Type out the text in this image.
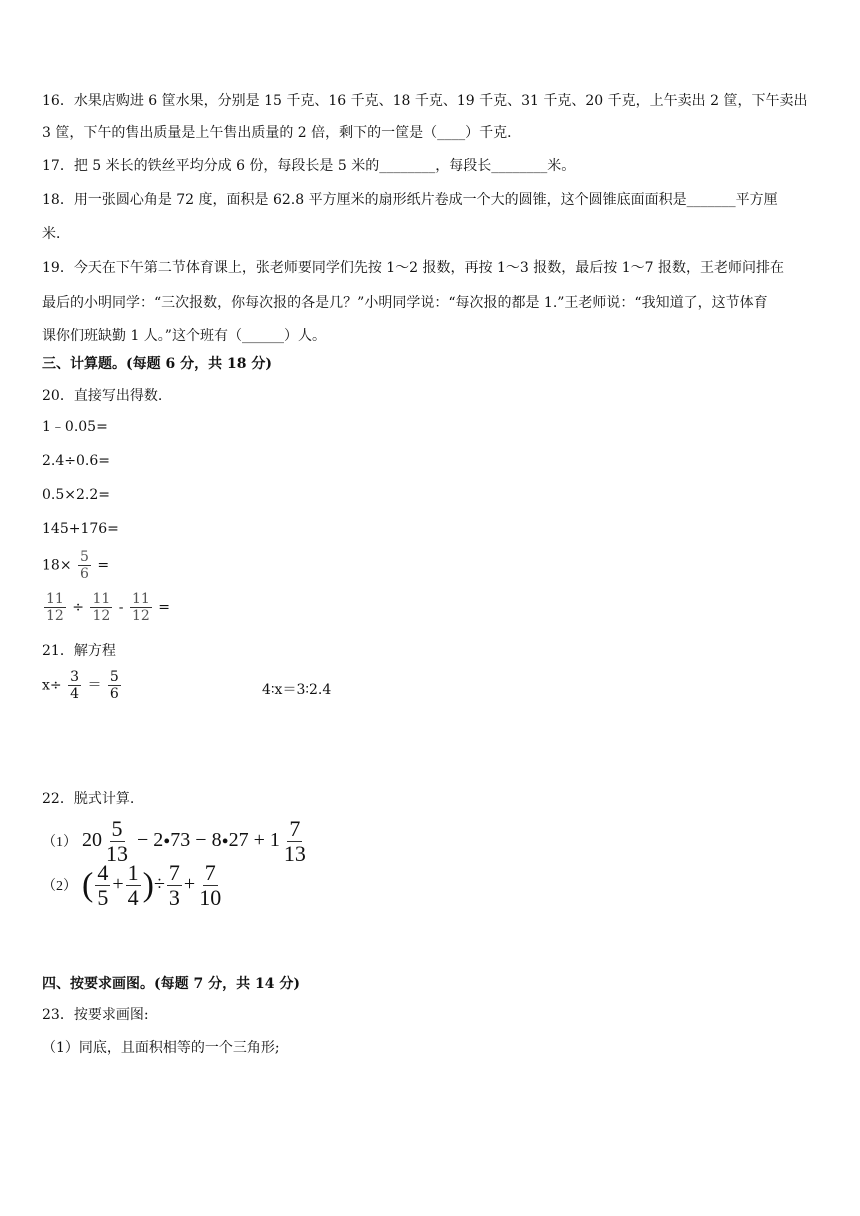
16．水果店购进 6 筐水果，分别是 15 千克、16 千克、18 千克、19 千克、31 千克、20 千克，上午卖出 2 筐，下午卖出
3 筐，下午的售出质量是上午售出质量的 2 倍，剩下的一筐是（____）千克．
17．把 5 米长的铁丝平均分成 6 份，每段长是 5 米的________，每段长________米。
18．用一张圆心角是 72 度，面积是 62.8 平方厘米的扇形纸片卷成一个大的圆锥，这个圆锥底面面积是_______平方厘
米．
19．今天在下午第二节体育课上，张老师要同学们先按 1～2 报数，再按 1～3 报数，最后按 1～7 报数，王老师问排在
最后的小明同学：“三次报数，你每次报的各是几？”小明同学说：“每次报的都是 1.”王老师说：“我知道了，这节体育
课你们班缺勤 1 人。”这个班有（______）人。
三、计算题。(每题 6 分，共 18 分)
20．直接写出得数.
1﹣0.05=
2.4÷0.6=
0.5×2.2=
145+176=
$18\times \frac{5}{6}$ =
$\frac{11}{12} \div \frac{11}{12} - \frac{11}{12}$ =
21．解方程
$x\div \frac{3}{4} = \frac{5}{6}$	4∶x＝3∶2.4
22．脱式计算.
（1） $20 \frac{5}{13}$ − 2•73 − 8•27 + $1 \frac{7}{13}$
（2） ( $\frac{4}{5} + \frac{1}{4}$ )÷ $\frac{7}{3} + \frac{7}{10}$
四、按要求画图。(每题 7 分，共 14 分)
23．按要求画图:
（1）同底，且面积相等的一个三角形;
